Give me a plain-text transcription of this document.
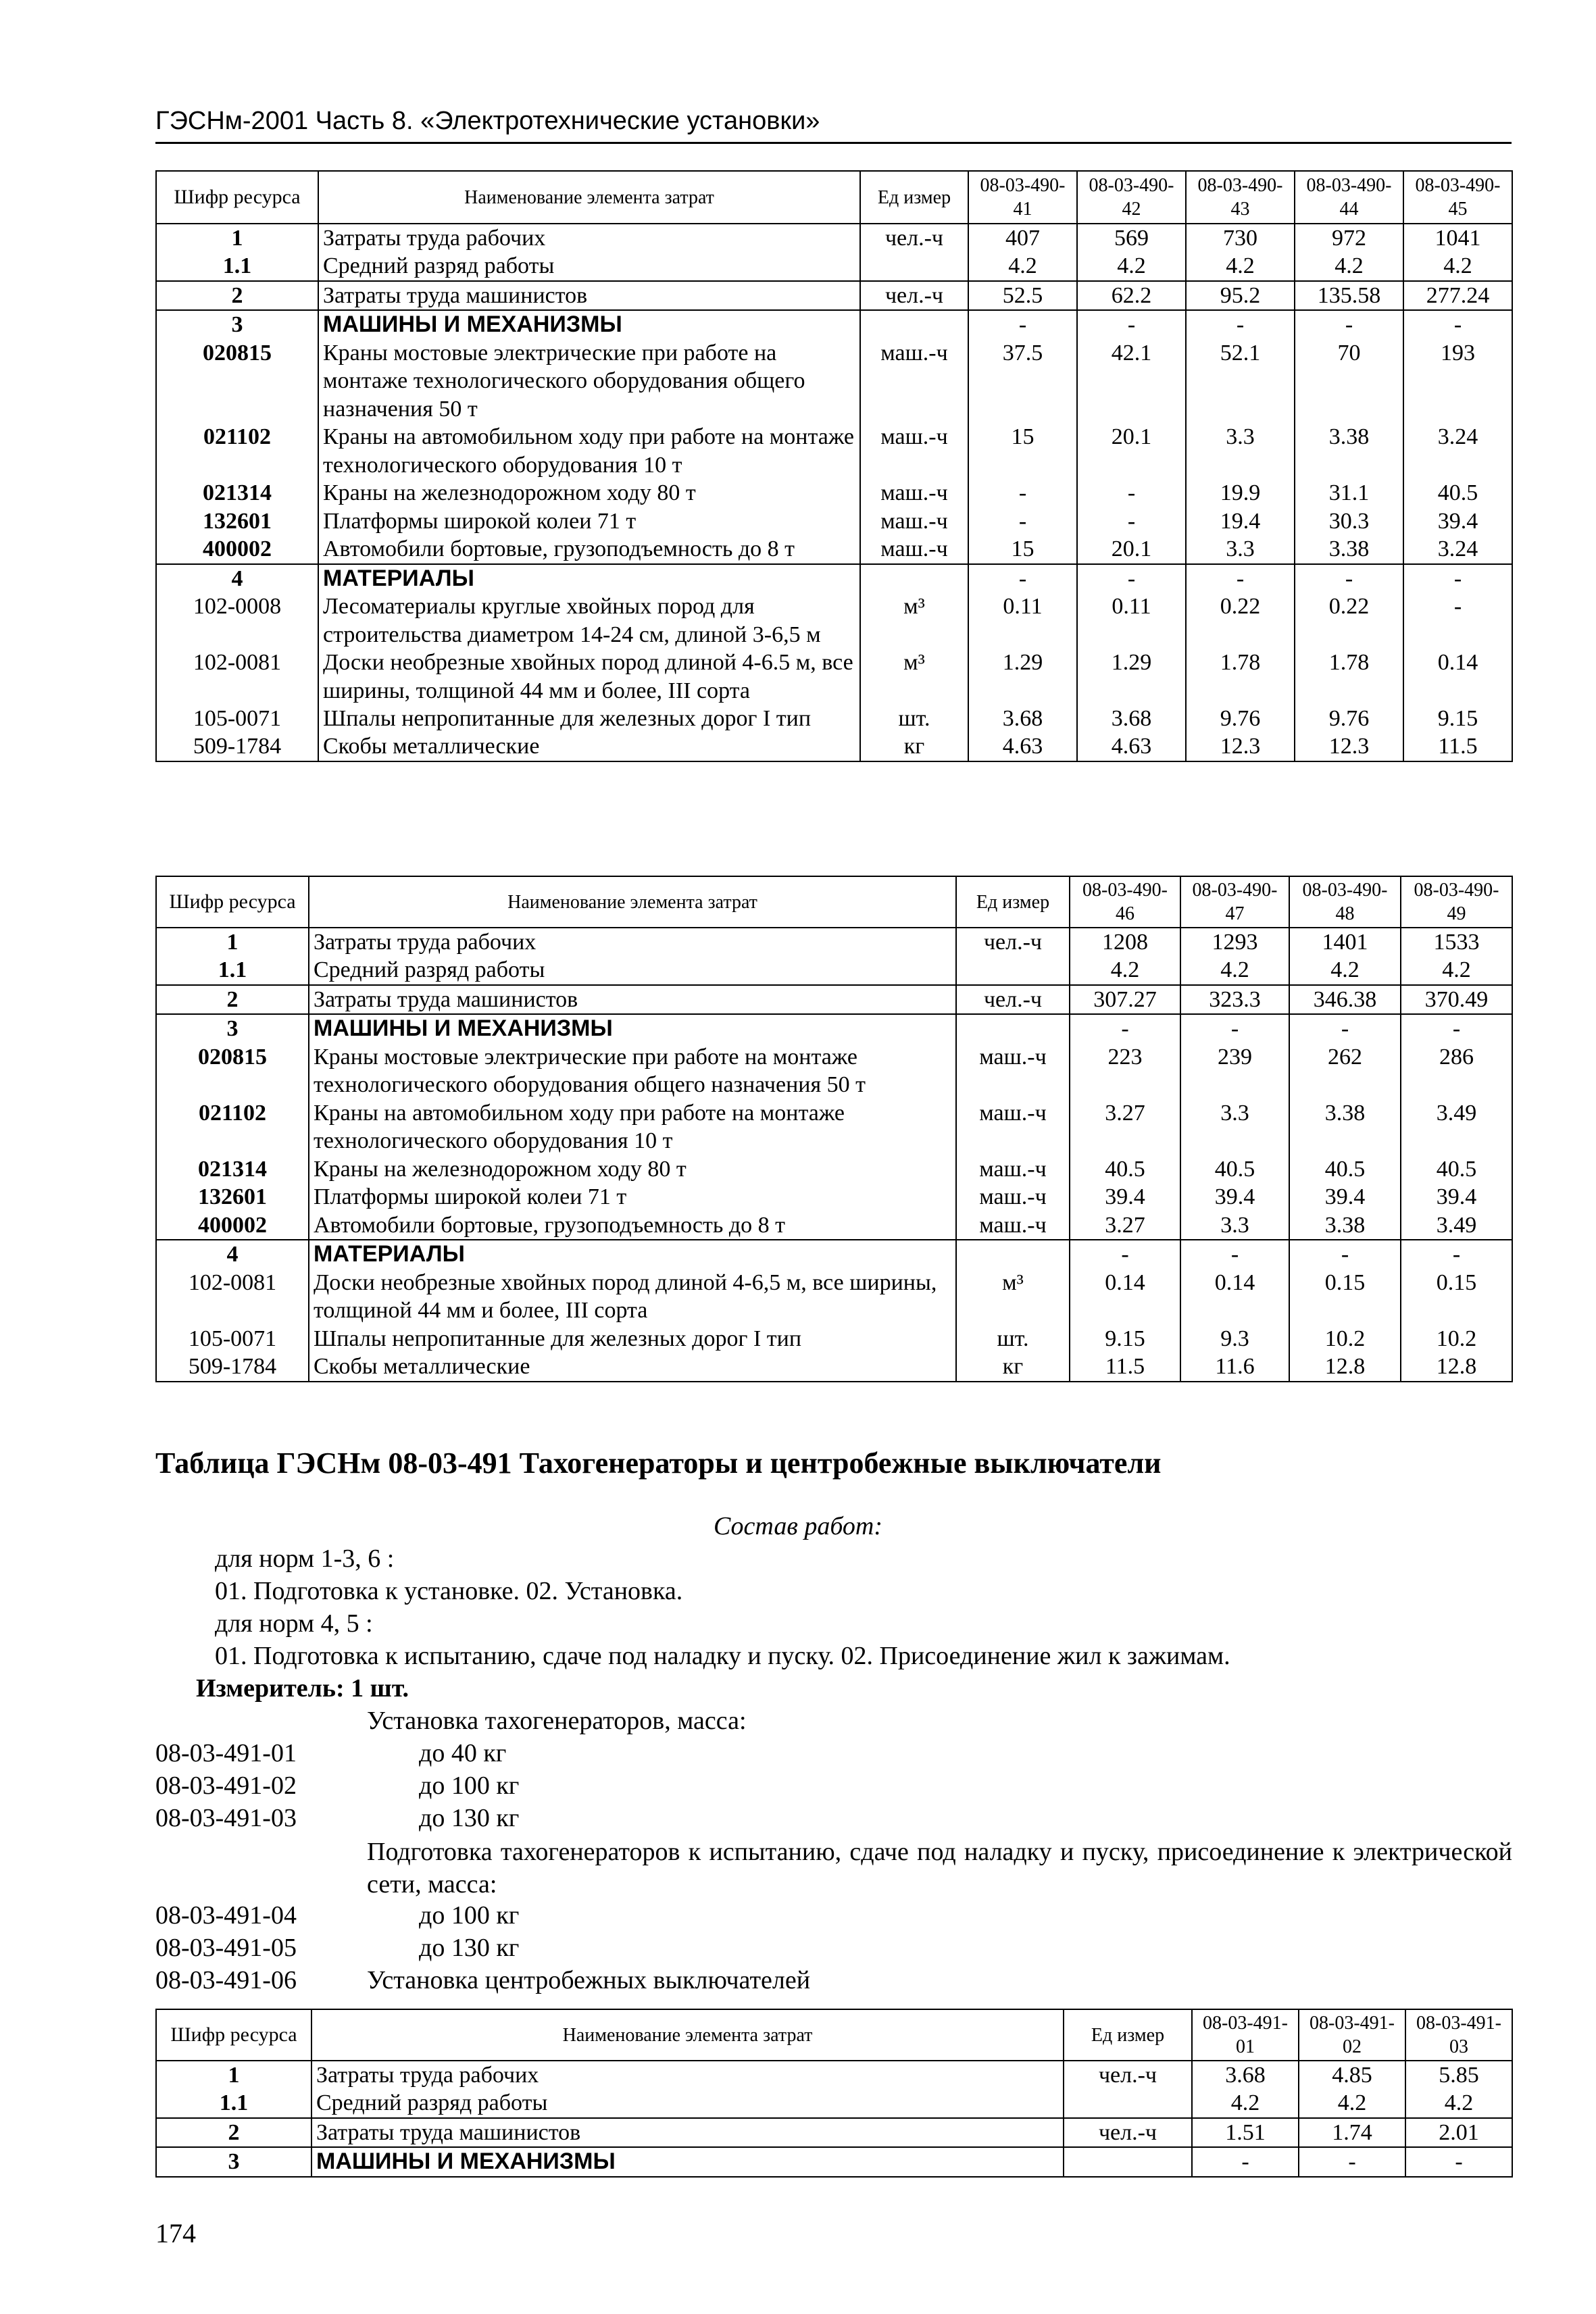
ГЭСНм-2001 Часть 8. «Электротехнические установки»
Шифр ресурса	Наименование элемента затрат	Ед измер	08-03-490-41	08-03-490-42	08-03-490-43	08-03-490-44	08-03-490-45
1	Затраты труда рабочих	чел.-ч	407	569	730	972	1041
1.1	Средний разряд работы		4.2	4.2	4.2	4.2	4.2
2	Затраты труда машинистов	чел.-ч	52.5	62.2	95.2	135.58	277.24
3	МАШИНЫ И МЕХАНИЗМЫ		-	-	-	-	-
020815	Краны мостовые электрические при работе на монтаже технологического оборудования общего назначения 50 т	маш.-ч	37.5	42.1	52.1	70	193
021102	Краны на автомобильном ходу при работе на монтаже технологического оборудования 10 т	маш.-ч	15	20.1	3.3	3.38	3.24
021314	Краны на железнодорожном ходу 80 т	маш.-ч	-	-	19.9	31.1	40.5
132601	Платформы широкой колеи 71 т	маш.-ч	-	-	19.4	30.3	39.4
400002	Автомобили бортовые, грузоподъемность до 8 т	маш.-ч	15	20.1	3.3	3.38	3.24
4	МАТЕРИАЛЫ		-	-	-	-	-
102-0008	Лесоматериалы круглые хвойных пород для строительства диаметром 14-24 см, длиной 3-6,5 м	м³	0.11	0.11	0.22	0.22	-
102-0081	Доски необрезные хвойных пород длиной 4-6.5 м, все ширины, толщиной 44 мм и более, III сорта	м³	1.29	1.29	1.78	1.78	0.14
105-0071	Шпалы непропитанные для железных дорог I тип	шт.	3.68	3.68	9.76	9.76	9.15
509-1784	Скобы металлические	кг	4.63	4.63	12.3	12.3	11.5
Шифр ресурса	Наименование элемента затрат	Ед измер	08-03-490-46	08-03-490-47	08-03-490-48	08-03-490-49
1	Затраты труда рабочих	чел.-ч	1208	1293	1401	1533
1.1	Средний разряд работы		4.2	4.2	4.2	4.2
2	Затраты труда машинистов	чел.-ч	307.27	323.3	346.38	370.49
3	МАШИНЫ И МЕХАНИЗМЫ		-	-	-	-
020815	Краны мостовые электрические при работе на монтаже технологического оборудования общего назначения 50 т	маш.-ч	223	239	262	286
021102	Краны на автомобильном ходу при работе на монтаже технологического оборудования 10 т	маш.-ч	3.27	3.3	3.38	3.49
021314	Краны на железнодорожном ходу 80 т	маш.-ч	40.5	40.5	40.5	40.5
132601	Платформы широкой колеи 71 т	маш.-ч	39.4	39.4	39.4	39.4
400002	Автомобили бортовые, грузоподъемность до 8 т	маш.-ч	3.27	3.3	3.38	3.49
4	МАТЕРИАЛЫ		-	-	-	-
102-0081	Доски необрезные хвойных пород длиной 4-6,5 м, все ширины, толщиной 44 мм и более, III сорта	м³	0.14	0.14	0.15	0.15
105-0071	Шпалы непропитанные для железных дорог I тип	шт.	9.15	9.3	10.2	10.2
509-1784	Скобы металлические	кг	11.5	11.6	12.8	12.8
Таблица ГЭСНм 08-03-491 Тахогенераторы и центробежные выключатели
Состав работ:
для норм 1-3, 6 :
01. Подготовка к установке. 02. Установка.
для норм 4, 5 :
01. Подготовка к испытанию, сдаче под наладку и пуску. 02. Присоединение жил к зажимам.
Измеритель: 1 шт.
Установка тахогенераторов, масса:
08-03-491-01	до 40 кг
08-03-491-02	до 100 кг
08-03-491-03	до 130 кг
Подготовка тахогенераторов к испытанию, сдаче под наладку и пуску, присоединение к электрической сети, масса:
08-03-491-04	до 100 кг
08-03-491-05	до 130 кг
08-03-491-06	Установка центробежных выключателей
Шифр ресурса	Наименование элемента затрат	Ед измер	08-03-491-01	08-03-491-02	08-03-491-03
1	Затраты труда рабочих	чел.-ч	3.68	4.85	5.85
1.1	Средний разряд работы		4.2	4.2	4.2
2	Затраты труда машинистов	чел.-ч	1.51	1.74	2.01
3	МАШИНЫ И МЕХАНИЗМЫ		-	-	-
174
